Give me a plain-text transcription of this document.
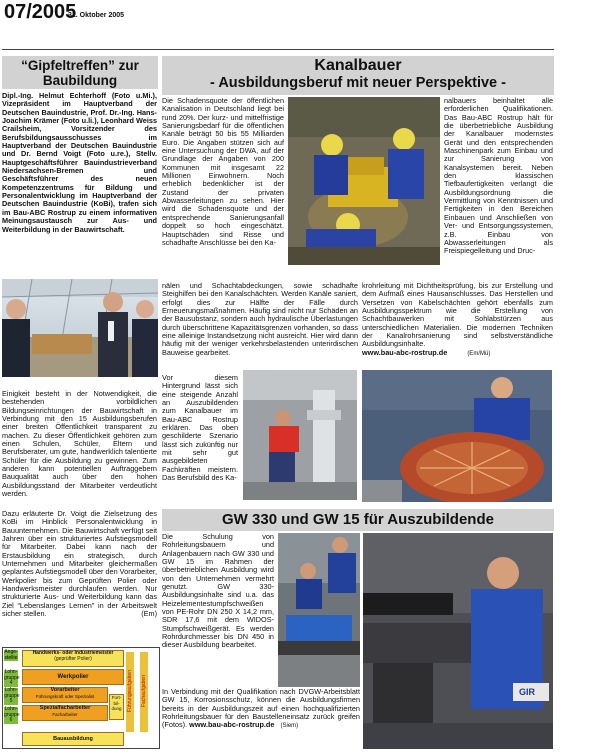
07/2005
31. Oktober 2005
“Gipfeltreffen” zur Baubildung
Dipl.-Ing. Helmut Echterhoff (Foto u.Mi.), Vizepräsident im Hauptverband der Deutschen Bauindustrie, Prof. Dr.-Ing. Hans-Joachim Krämer (Foto u.li.), Leonhard Weiss Crailsheim, Vorsitzender des Berufsbildungsausschusses im Hauptverband der Deutschen Bauindustrie und Dr. Bernd Voigt (Foto u.re.), Stellv. Hauptgeschäftsführer Bauindustrieverband Niedersachsen-Bremen und Geschäftsführer des neuen Kompetenzzentrums für Bildung und Personalentwicklung im Hauptverband der Deutschen Bauindustrie (KoBi), trafen sich im Bau-ABC Rostrup zu einem informativen Meinungsaustausch zur Aus- und Weiterbildung in der Bauwirtschaft.
Einigkeit besteht in der Notwendigkeit, die bestehenden vorbildlichen Bildungseinrichtungen der Bauwirtschaft in Verbindung mit den 15 Ausbildungsberufen einer breiten Öffentlichkeit transparent zu machen. Zu dieser Öffentlichkeit gehören zum einen Schulen, Schüler, Eltern und Berufsberater, um gute, handwerklich talentierte Schüler für die Ausbildung zu gewinnen. Zum anderen kann potentiellen Auftraggebern Bauqualität auch über den hohen Ausbildungsstand der Mitarbeiter verdeutlicht werden.
Dazu erläuterte Dr. Voigt die Zielsetzung des KoBi im Hinblick Personalentwicklung in Bauunternehmen. Die Bauwirtschaft verfügt seit Jahren über ein strukturiertes Aufstiegsmodell für Mitarbeiter. Dabei kann nach der Erstausbildung ein strategisch, durch Unternehmen und Mitarbeiter gleichermaßen geplantes Aufstiegsmodell über den Vorarbeiter, Werkpolier bis zum Geprüften Polier oder Handwerksmeister durchlaufen werden. Nur strukturierte Aus- und Weiterbildung kann das Ziel “Lebenslanges Lernen” in der Arbeitswelt sicher stellen.	(Em)
Ange-stellte
Lohn-gruppe 4
Lohn-gruppe 5
Lohn-gruppe 6
Handwerks- oder Industriemeister
(geprüfter Polier)
Werkpolier
Vorarbeiter
Führungskraft oder Spezialist	Fort-bil-dung
Spezialfacharbeiter
Facharbeiter
Bauausbildung
Führungsaufgaben Fachaufgaben
Kanalbauer
- Ausbildungsberuf mit neuer Perspektive -
Die Schadensquote der öffentlichen Kanalisation in Deutschland liegt bei rund 20%. Der kurz- und mittelfristige Sanierungsbedarf für die öffentlichen Kanäle beträgt 50 bis 55 Milliarden Euro. Die Angaben stützen sich auf eine Untersuchung der DWA, auf der Grundlage der Angaben von 200 Kommunen mit insgesamt 22 Millionen Einwohnern. Noch erheblich bedenklicher ist der Zustand der privaten Abwasserleitungen zu sehen. Hier wird die Schadensquote und der entsprechende Sanierungsanfall doppelt so hoch eingeschätzt. Hauptschäden sind Risse und schadhafte Anschlüsse bei den Ka-
nalbauers beinhaltet alle erforderlichen Qualifikationen. Das Bau-ABC Rostrup hält für die überbetriebliche Ausbildung der Kanalbauer modernstes Gerät und den entsprechenden Maschinenpark zum Einbau und zur Sanierung von Kanalsystemen bereit. Neben den klassischen Tiefbaufertigkeiten verlangt die Ausbildungsordnung die Vermittlung von Kenntnissen und Fertigkeiten in den Bereichen Einbauen und Anschließen von Ver- und Entsorgungssystemen, z.B. Einbau von Abwasserleitungen als Freispiegelleitung und Druc-
nälen und Schachtabdeckungen, sowie schadhafte Steighilfen bei den Kanalschächten. Werden Kanäle saniert, erfolgt dies zur Hälfte der Fälle durch Erneuerungsmaßnahmen. Häufig sind nicht nur Schäden an der Bausubstanz, sondern auch hydraulische Überlastungen durch überschrittene Kapazitätsgrenzen vorhanden, so dass eine alleinige Instandsetzung nicht ausreicht. Hier wird dann häufig mit der weniger verkehrsbelastenden unterirdischen Bauweise gearbeitet.
krohrleitung mit Dichtheitsprüfung, bis zur Erstellung und dem Aufmaß eines Hausanschlusses. Das Herstellen und Versetzen von Kabelschächten gehört ebenfalls zum Ausbildungsspektrum wie die Erstellung von Schachtbauwerken mit Sohlabstürzen aus unterschiedlichen Materialien. Die modernen Techniken der Kanalrohrsanierung sind selbstverständliche Ausbildungsinhalte.
www.bau-abc-rostrup.de	(Em/Mü)
Vor diesem Hintergrund lässt sich eine steigende Anzahl an Auszubildenden zum Kanalbauer im Bau-ABC Rostrup erklären. Das oben geschilderte Szenario lässt sich zukünftig nur mit sehr gut ausgebildeten Fachkräften meistern. Das Berufsbild des Ka-
GW 330 und GW 15 für Auszubildende
Die Schulung von Rohrleitungsbauern und Anlagenbauern nach GW 330 und GW 15 im Rahmen der überbetrieblichen Ausbildung wird von den Unternehmen vermehrt genutzt. GW 330-Ausbildungsinhalte sind u.a. das Heizelementestumpfschweißen von PE-Rohr DN 250 X 14,2 mm, SDR 17,6 mit dem WIDOS-Stumpfschweißgerät. Es werden Rohrdurchmesser bis DN 450 in dieser Ausbildung bearbeitet.
GIR
In Verbindung mit der Qualifikation nach DVGW-Arbeitsblatt GW 15, Korrosionsschutz, können die Ausbildungsfirmen bereits in der Ausbildungszeit auf einen hochqualifizierten Rohrleitungsbauer für den Baustelleneinsatz zurück greifen (Fotos). www.bau-abc-rostrup.de (Siem)
